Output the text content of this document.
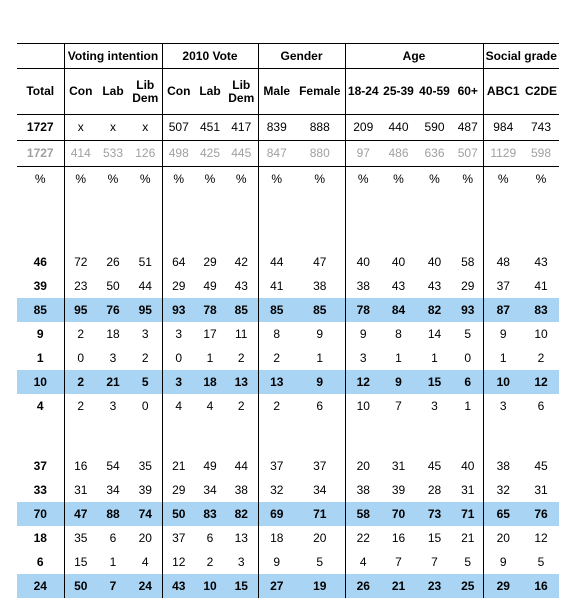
	Voting intention			2010 Vote			Gender		Age				Social grade	
Total	Con	Lab	Lib Dem	Con	Lab	Lib Dem	Male	Female	18-24	25-39	40-59	60+	ABC1	C2DE
1727	x	x	x	507	451	417	839	888	209	440	590	487	984	743
1727	414	533	126	498	425	445	847	880	97	486	636	507	1129	598
%	%	%	%	%	%	%	%	%	%	%	%	%	%	%

46	72	26	51	64	29	42	44	47	40	40	40	58	48	43
39	23	50	44	29	49	43	41	38	38	43	43	29	37	41
85	95	76	95	93	78	85	85	85	78	84	82	93	87	83
9	2	18	3	3	17	11	8	9	9	8	14	5	9	10
1	0	3	2	0	1	2	2	1	3	1	1	0	1	2
10	2	21	5	3	18	13	13	9	12	9	15	6	10	12
4	2	3	0	4	4	2	2	6	10	7	3	1	3	6

37	16	54	35	21	49	44	37	37	20	31	45	40	38	45
33	31	34	39	29	34	38	32	34	38	39	28	31	32	31
70	47	88	74	50	83	82	69	71	58	70	73	71	65	76
18	35	6	20	37	6	13	18	20	22	16	15	21	20	12
6	15	1	4	12	2	3	9	5	4	7	7	5	9	5
24	50	7	24	43	10	15	27	19	26	21	23	25	29	16
